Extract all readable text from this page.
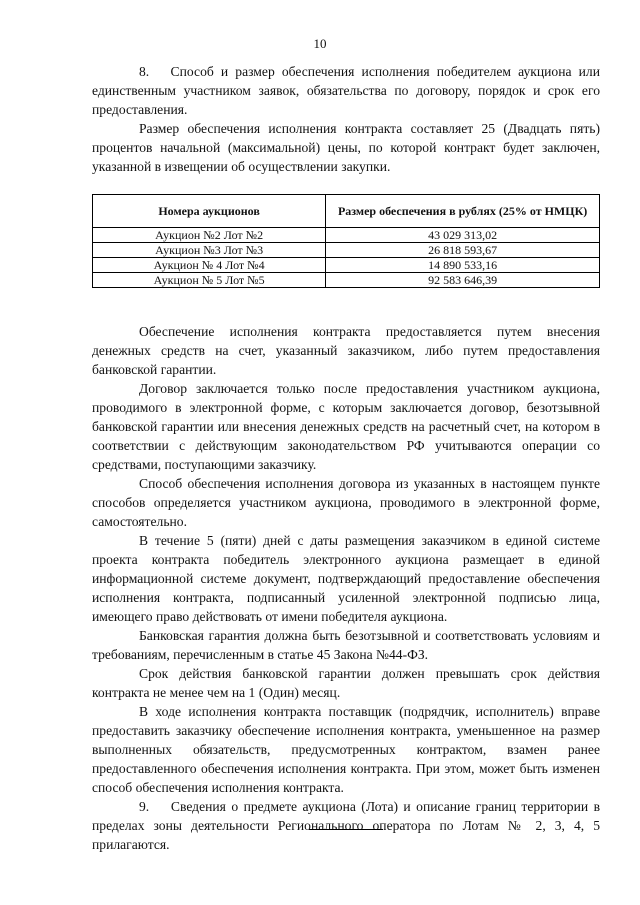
10

8.   Способ и размер обеспечения исполнения победителем аукциона или единственным участником заявок, обязательства по договору, порядок и срок его предоставления.

Размер обеспечения исполнения контракта составляет 25 (Двадцать пять) процентов начальной (максимальной) цены, по которой контракт будет заключен, указанной в извещении об осуществлении закупки.

Номера аукционов	Размер обеспечения в рублях (25% от НМЦК)
Аукцион №2 Лот №2	43 029 313,02
Аукцион №3 Лот №3	26 818 593,67
Аукцион № 4 Лот №4	14 890 533,16
Аукцион № 5 Лот №5	92 583 646,39

Обеспечение исполнения контракта предоставляется путем внесения денежных средств на счет, указанный заказчиком, либо путем предоставления банковской гарантии.

Договор заключается только после предоставления участником аукциона, проводимого в электронной форме, с которым заключается договор, безотзывной банковской гарантии или внесения денежных средств на расчетный счет, на котором в соответствии с действующим законодательством РФ учитываются операции со средствами, поступающими заказчику.

Способ обеспечения исполнения договора из указанных в настоящем пункте способов определяется участником аукциона, проводимого в электронной форме, самостоятельно.

В течение 5 (пяти) дней с даты размещения заказчиком в единой системе проекта контракта победитель электронного аукциона размещает в единой информационной системе документ, подтверждающий предоставление обеспечения исполнения контракта, подписанный усиленной электронной подписью лица, имеющего право действовать от имени победителя аукциона.

Банковская гарантия должна быть безотзывной и соответствовать условиям и требованиям, перечисленным в статье 45 Закона №44-ФЗ.

Срок действия банковской гарантии должен превышать срок действия контракта не менее чем на 1 (Один) месяц.

В ходе исполнения контракта поставщик (подрядчик, исполнитель) вправе предоставить заказчику обеспечение исполнения контракта, уменьшенное на размер выполненных обязательств, предусмотренных контрактом, взамен ранее предоставленного обеспечения исполнения контракта. При этом, может быть изменен способ обеспечения исполнения контракта.

9.    Сведения о предмете аукциона (Лота) и описание границ территории в пределах зоны деятельности Регионального оператора по Лотам № 2, 3, 4, 5 прилагаются.
